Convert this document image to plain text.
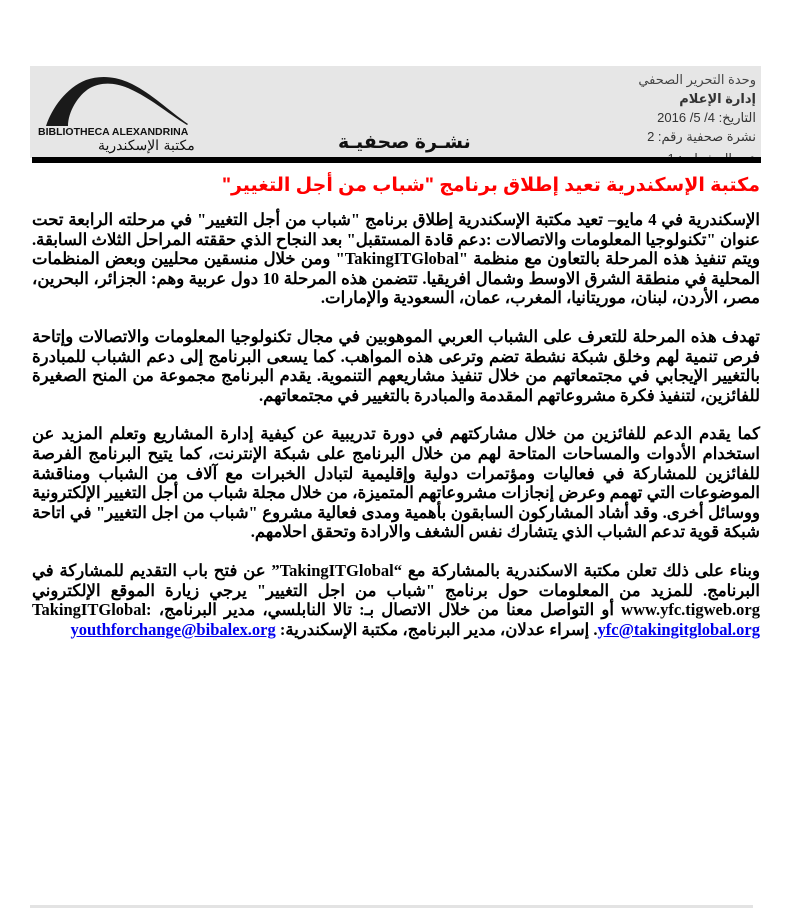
BIBLIOTHECA ALEXANDRINA
مكتبة الإسكندرية	نشـرة صحفيـة
وحدة التحرير الصحفي
إدارة الإعلام
التاريخ: 4/ 5/ 2016
نشرة صحفية رقم: 2
مكتبة الإسكندرية تعيد إطلاق برنامج "شباب من أجل التغيير"

الإسكندرية في 4 مايو– تعيد مكتبة الإسكندرية إطلاق برنامج "شباب من أجل التغيير" في مرحلته الرابعة تحت عنوان "تكنولوجيا المعلومات والاتصالات :دعم قادة المستقبل" بعد النجاح الذي حققته المراحل الثلاث السابقة. ويتم تنفيذ هذه المرحلة بالتعاون مع منظمة "TakingITGlobal" ومن خلال منسقين محليين وبعض المنظمات المحلية في منطقة الشرق الاوسط وشمال افريقيا. تتضمن هذه المرحلة 10 دول عربية وهم: الجزائر، البحرين، مصر، الأردن، لبنان، موريتانيا، المغرب، عمان، السعودية والإمارات.

تهدف هذه المرحلة للتعرف على الشباب العربي الموهوبين في مجال تكنولوجيا المعلومات والاتصالات وإتاحة فرص تنمية لهم وخلق شبكة نشطة تضم وترعى هذه المواهب. كما يسعى البرنامج إلى دعم الشباب للمبادرة بالتغيير الإيجابي في مجتمعاتهم من خلال تنفيذ مشاريعهم التنموية. يقدم البرنامج مجموعة من المنح الصغيرة للفائزين، لتنفيذ فكرة مشروعاتهم المقدمة والمبادرة بالتغيير في مجتمعاتهم.

كما يقدم الدعم للفائزين من خلال مشاركتهم في دورة تدريبية عن كيفية إدارة المشاريع وتعلم المزيد عن استخدام الأدوات والمساحات المتاحة لهم من خلال البرنامج على شبكة الإنترنت، كما يتيح البرنامج الفرصة للفائزين للمشاركة في فعاليات ومؤتمرات دولية وإقليمية لتبادل الخبرات مع آلاف من الشباب ومناقشة الموضوعات التي تهمم وعرض إنجازات مشروعاتهم المتميزة، من خلال مجلة شباب من أجل التغيير الإلكترونية ووسائل أخرى. وقد أشاد المشاركون السابقون بأهمية ومدى فعالية مشروع "شباب من اجل التغيير" في اتاحة شبكة قوية تدعم الشباب الذي يتشارك نفس الشغف والارادة وتحقق احلامهم.

وبناء على ذلك تعلن مكتبة الاسكندرية بالمشاركة مع “TakingITGlobal” عن فتح باب التقديم للمشاركة في البرنامج. للمزيد من المعلومات حول برنامج "شباب من اجل التغيير" يرجي زيارة الموقع الإلكتروني www.yfc.tigweb.org أو التواصل معنا من خلال الاتصال بـ: تالا النابلسي، مدير البرنامج، TakingITGlobal: yfc@takingitglobal.org. إسراء عدلان، مدير البرنامج، مكتبة الإسكندرية: youthforchange@bibalex.org
